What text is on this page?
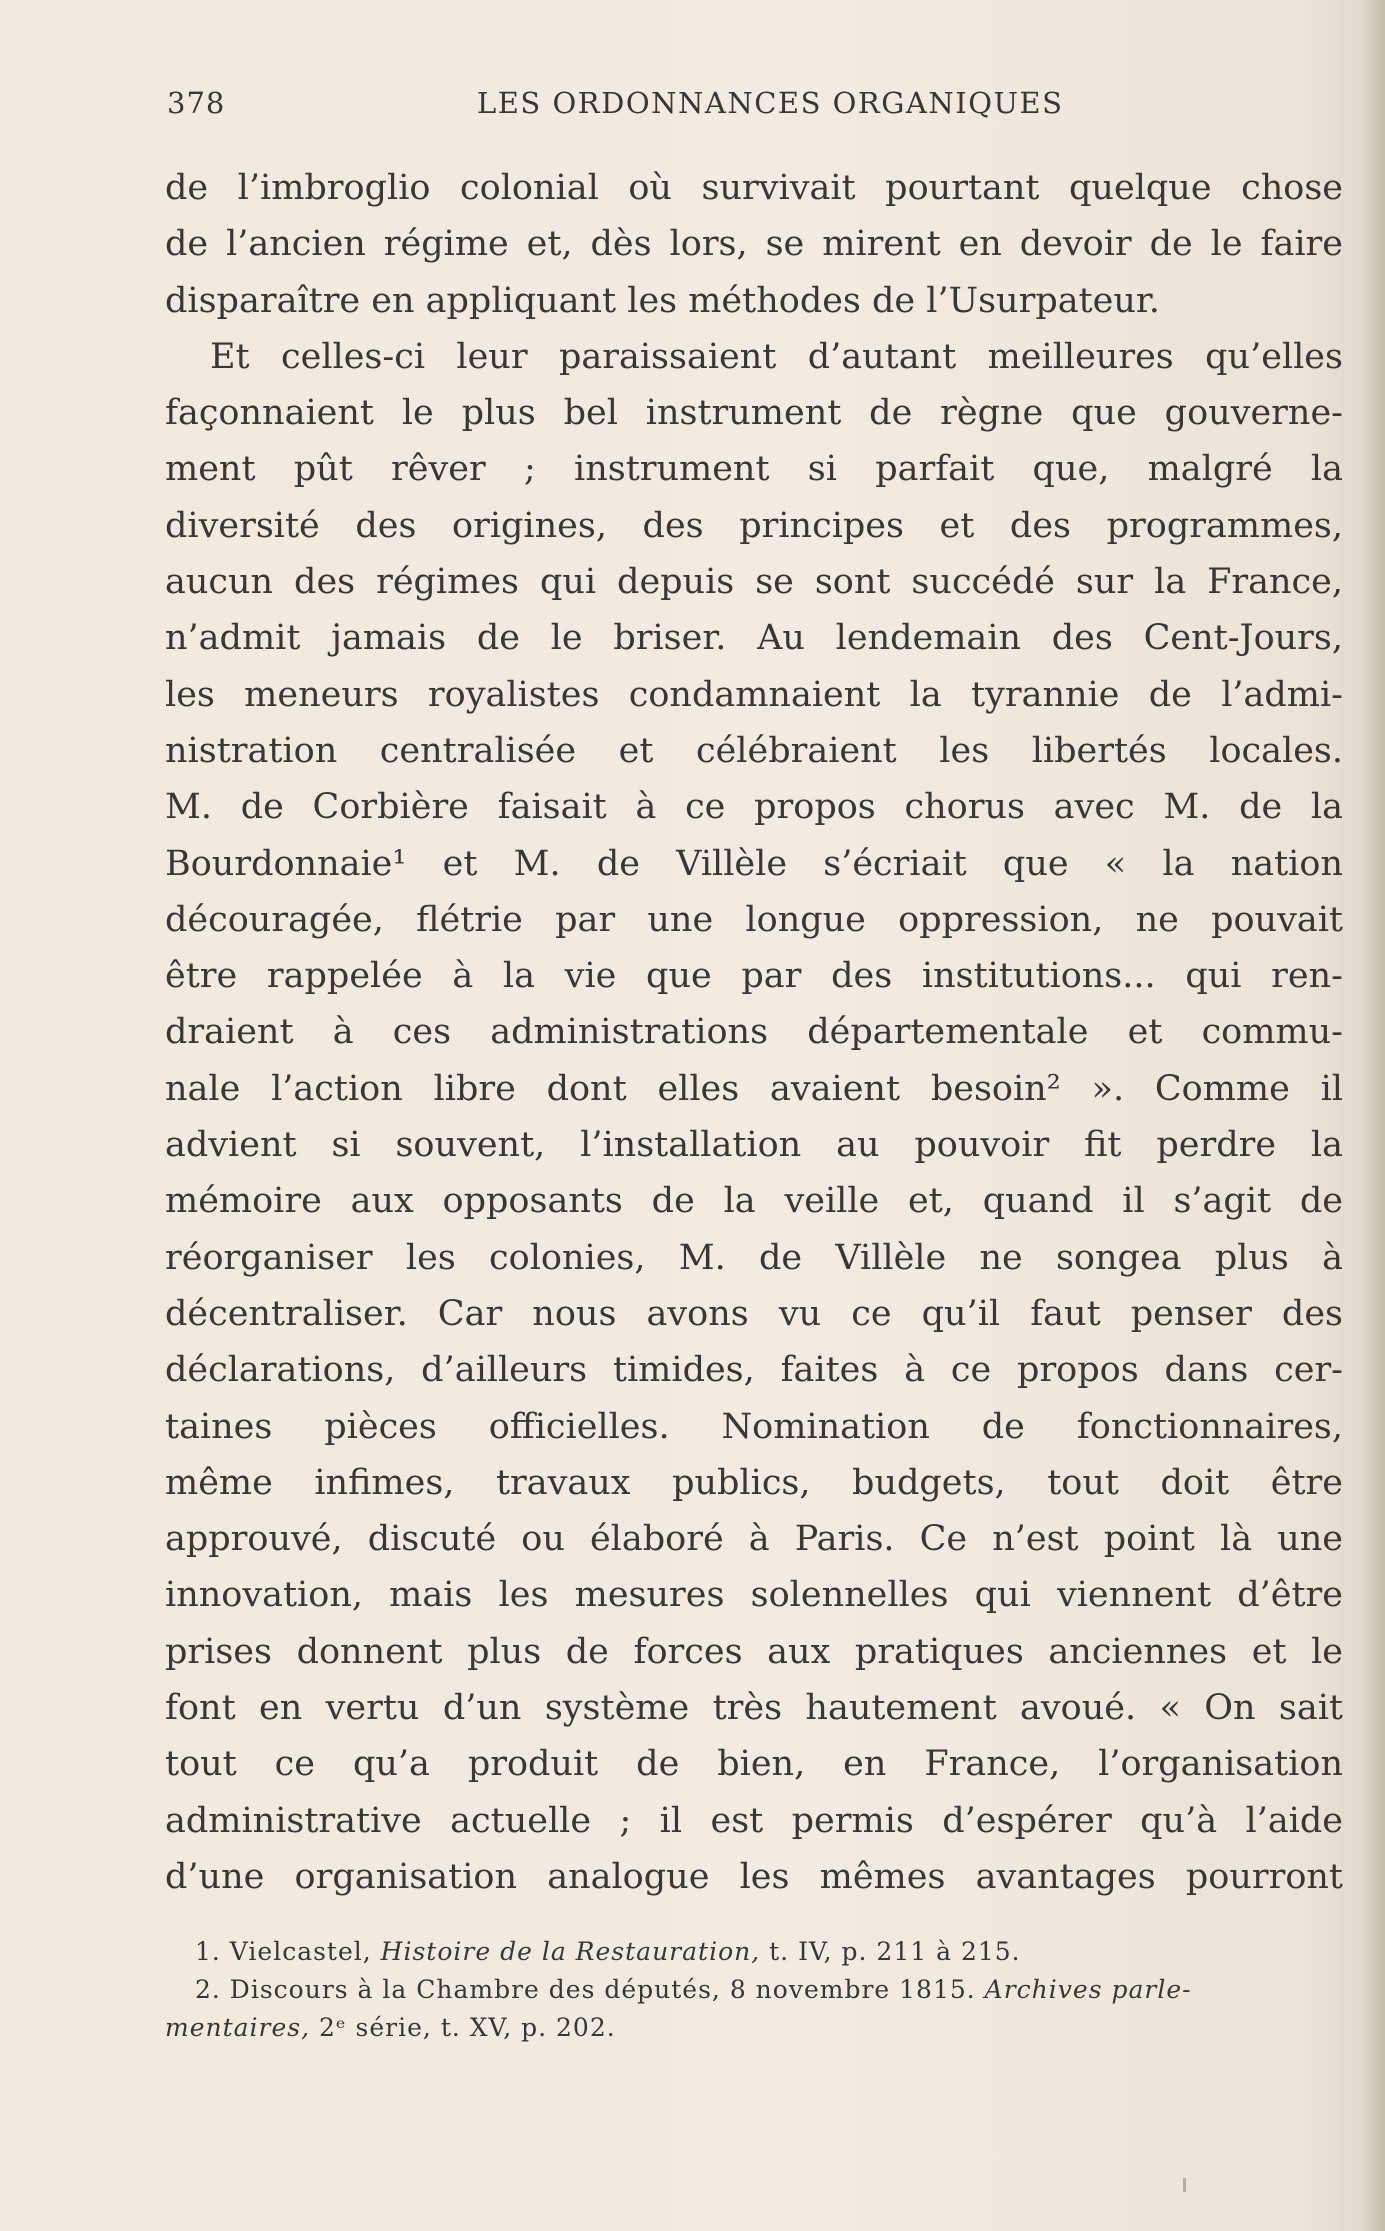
378	LES ORDONNANCES ORGANIQUES
de l’imbroglio colonial où survivait pourtant quelque chose
de l’ancien régime et, dès lors, se mirent en devoir de le faire
disparaître en appliquant les méthodes de l’Usurpateur.
Et celles-ci leur paraissaient d’autant meilleures qu’elles
façonnaient le plus bel instrument de règne que gouverne-
ment pût rêver ; instrument si parfait que, malgré la
diversité des origines, des principes et des programmes,
aucun des régimes qui depuis se sont succédé sur la France,
n’admit jamais de le briser. Au lendemain des Cent-Jours,
les meneurs royalistes condamnaient la tyrannie de l’admi-
nistration centralisée et célébraient les libertés locales.
M. de Corbière faisait à ce propos chorus avec M. de la
Bourdonnaie¹ et M. de Villèle s’écriait que « la nation
découragée, flétrie par une longue oppression, ne pouvait
être rappelée à la vie que par des institutions... qui ren-
draient à ces administrations départementale et commu-
nale l’action libre dont elles avaient besoin² ». Comme il
advient si souvent, l’installation au pouvoir fit perdre la
mémoire aux opposants de la veille et, quand il s’agit de
réorganiser les colonies, M. de Villèle ne songea plus à
décentraliser. Car nous avons vu ce qu’il faut penser des
déclarations, d’ailleurs timides, faites à ce propos dans cer-
taines pièces officielles. Nomination de fonctionnaires,
même infimes, travaux publics, budgets, tout doit être
approuvé, discuté ou élaboré à Paris. Ce n’est point là une
innovation, mais les mesures solennelles qui viennent d’être
prises donnent plus de forces aux pratiques anciennes et le
font en vertu d’un système très hautement avoué. « On sait
tout ce qu’a produit de bien, en France, l’organisation
administrative actuelle ; il est permis d’espérer qu’à l’aide
d’une organisation analogue les mêmes avantages pourront
1. Vielcastel, Histoire de la Restauration, t. IV, p. 211 à 215.
2. Discours à la Chambre des députés, 8 novembre 1815. Archives parle-
mentaires, 2ᵉ série, t. XV, p. 202.
